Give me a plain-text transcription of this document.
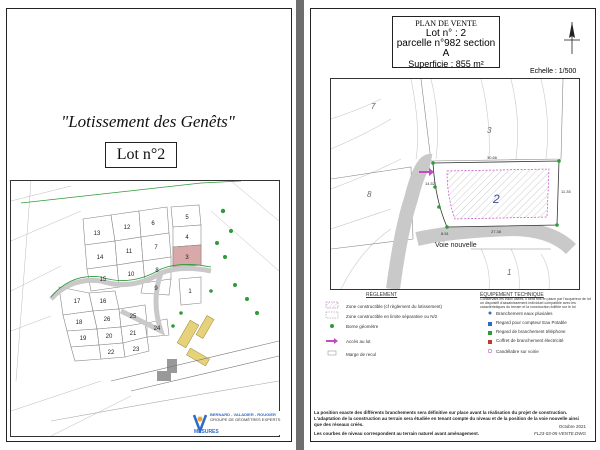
"Lotissement des Genêts"
Lot n°2
13
12
6
5
14
11
7
4
15
10
8
3
9
16
1
17
26	25
18
19	20	21
24
22	23
BERNARD - VALADIER - ROUGIER
GROUPE DE GÉOMÈTRES EXPERTS
MESURES
30.66
27.38
14.52
11.35
8.51
2
7
3
8
1
Voie nouvelle
PLAN DE VENTE
Lot n° : 2
parcelle n°982 section A
Superficie : 855 m²
Echelle : 1/500
RÈGLEMENT	ÉQUIPEMENT TECHNIQUE
Zone constructible (cf règlement du lotissement)
Zone constructible en limite séparative ou N/2
Borne géomètre
Accès au lot
Marge de recul
Conservant les eaux usées, il sera mis en place par l'acquéreur de lot un dispositif d'assainissement individuel compatible avec les caractéristiques du terrain et la construction édifiée sur le lot
Branchement eaux pluviales
Regard pour compteur Eau Potable
Regard de branchement téléphone
Coffret de branchement électricité
Candélabre sur voirie
La position exacte des différents branchements sera définitive sur place avant la réalisation du projet de construction. L'adaptation de la construction au terrain sera étudiée en tenant compte du niveau et de la position de la voie nouvelle ainsi que des réseaux créés.
Les courbes de niveau correspondent au terrain naturel avant aménagement.
Octobre 2021
FL23-03-05-VENTE.DWG
